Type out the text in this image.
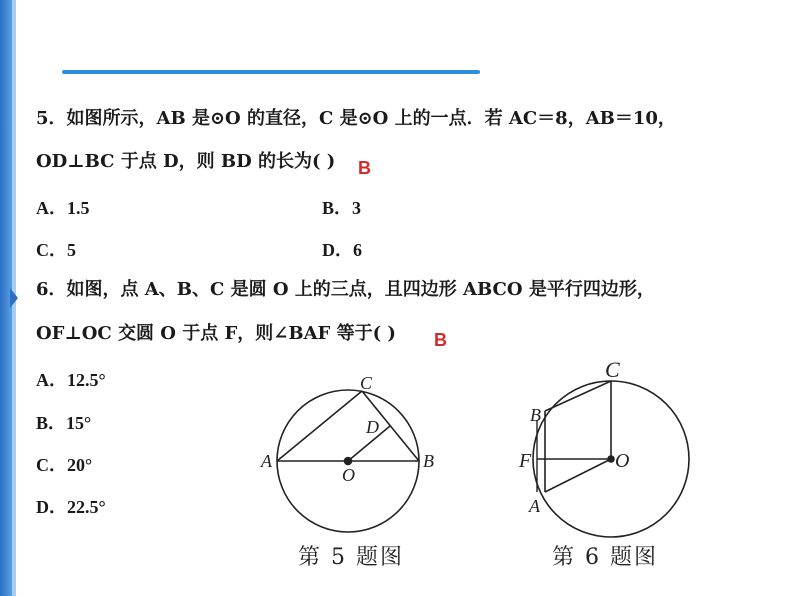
5．如图所示，AB 是⊙O 的直径，C 是⊙O 上的一点．若 AC＝8，AB＝10，
OD⊥BC 于点 D，则 BD 的长为( ) B
A．1.5	B．3
C．5	D．6
6．如图，点 A、B、C 是圆 O 上的三点，且四边形 ABCO 是平行四边形，
OF⊥OC 交圆 O 于点 F，则∠BAF 等于( ) B
A．12.5°
B．15°
C．20°
D．22.5°
A	B
C
D
O
B
C
F	O
A
第 5 题图	第 6 题图
